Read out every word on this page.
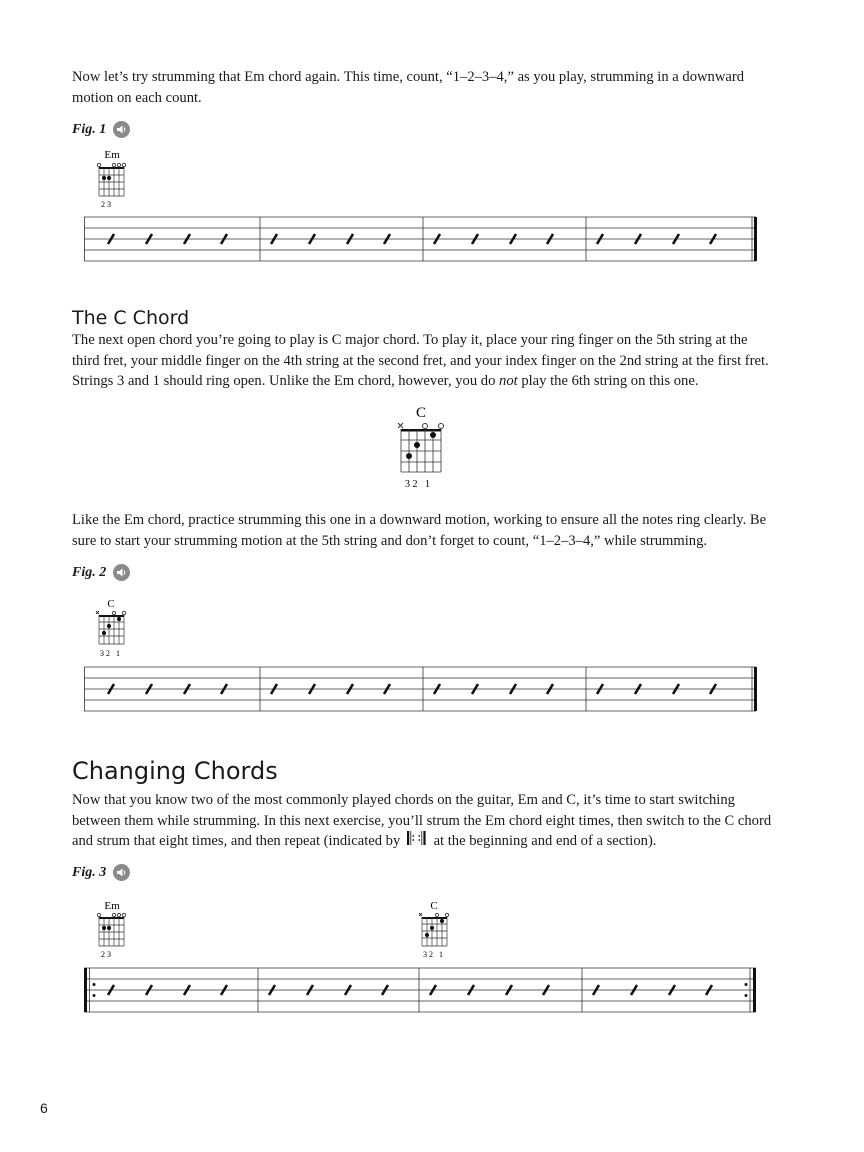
Now let’s try strumming that Em chord again. This time, count, “1–2–3–4,” as you play, strumming in a downward motion on each count.

Fig. 1
Em
2 3
The C Chord

The next open chord you’re going to play is C major chord. To play it, place your ring finger on the 5th string at the third fret, your middle finger on the 4th string at the second fret, and your index finger on the 2nd string at the first fret. Strings 3 and 1 should ring open. Unlike the Em chord, however, you do not play the 6th string on this one.

C
3 2   1

Like the Em chord, practice strumming this one in a downward motion, working to ensure all the notes ring clearly. Be sure to start your strumming motion at the 5th string and don’t forget to count, “1–2–3–4,” while strumming.

Fig. 2
C
3 2   1
Changing Chords

Now that you know two of the most commonly played chords on the guitar, Em and C, it’s time to start switching between them while strumming. In this next exercise, you’ll strum the Em chord eight times, then switch to the C chord and strum that eight times, and then repeat (indicated by  at the beginning and end of a section).

Fig. 3
Em
2 3
C
3 2   1
6
